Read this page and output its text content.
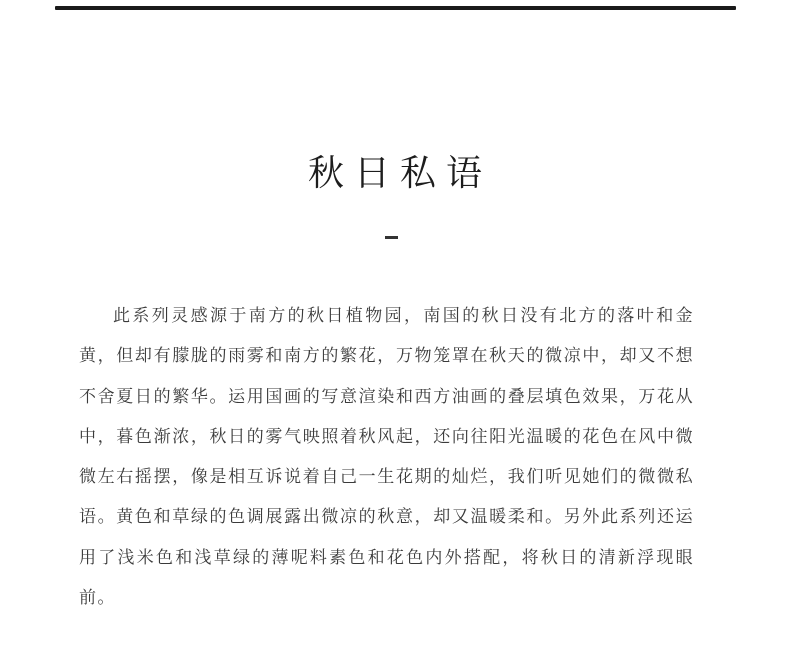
秋日私语

此系列灵感源于南方的秋日植物园，南国的秋日没有北方的落叶和金黄，但却有朦胧的雨雾和南方的繁花，万物笼罩在秋天的微凉中，却又不想不舍夏日的繁华。运用国画的写意渲染和西方油画的叠层填色效果，万花从中，暮色渐浓，秋日的雾气映照着秋风起，还向往阳光温暖的花色在风中微微左右摇摆，像是相互诉说着自己一生花期的灿烂，我们听见她们的微微私语。黄色和草绿的色调展露出微凉的秋意，却又温暖柔和。另外此系列还运用了浅米色和浅草绿的薄呢料素色和花色内外搭配，将秋日的清新浮现眼前。
